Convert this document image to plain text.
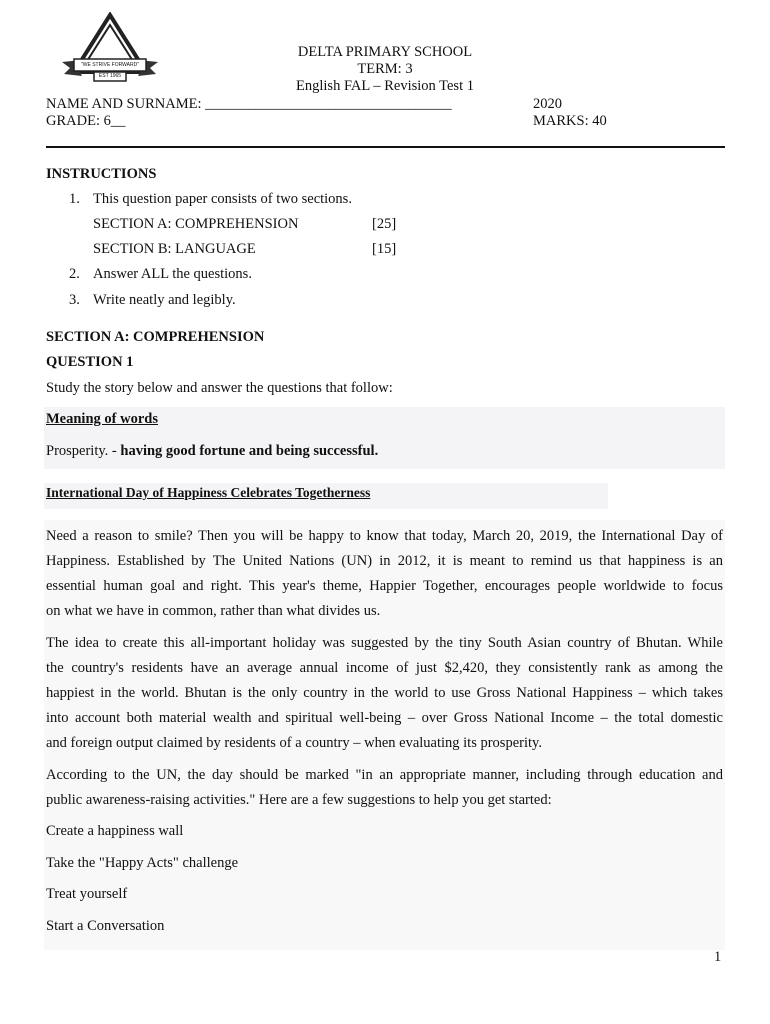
"WE STRIVE FORWARD"
EST 1965
DELTA PRIMARY SCHOOL
TERM: 3
English FAL – Revision Test 1
NAME AND SURNAME: __________________________________	2020
GRADE: 6__	MARKS: 40
INSTRUCTIONS
1. This question paper consists of two sections.
SECTION A: COMPREHENSION	[25]
SECTION B: LANGUAGE	[15]
2. Answer ALL the questions.
3. Write neatly and legibly.
SECTION A: COMPREHENSION
QUESTION 1
Study the story below and answer the questions that follow:
Meaning of words
Prosperity. - having good fortune and being successful.
International Day of Happiness Celebrates Togetherness
Need a reason to smile? Then you will be happy to know that today, March 20, 2019, the International Day of
Happiness. Established by The United Nations (UN) in 2012, it is meant to remind us that happiness is an
essential human goal and right. This year's theme, Happier Together, encourages people worldwide to focus
on what we have in common, rather than what divides us.
The idea to create this all-important holiday was suggested by the tiny South Asian country of Bhutan. While
the country's residents have an average annual income of just $2,420, they consistently rank as among the
happiest in the world. Bhutan is the only country in the world to use Gross National Happiness – which takes
into account both material wealth and spiritual well-being – over Gross National Income – the total domestic
and foreign output claimed by residents of a country – when evaluating its prosperity.
According to the UN, the day should be marked "in an appropriate manner, including through education and
public awareness-raising activities." Here are a few suggestions to help you get started:
Create a happiness wall
Take the "Happy Acts" challenge
Treat yourself
Start a Conversation
1
